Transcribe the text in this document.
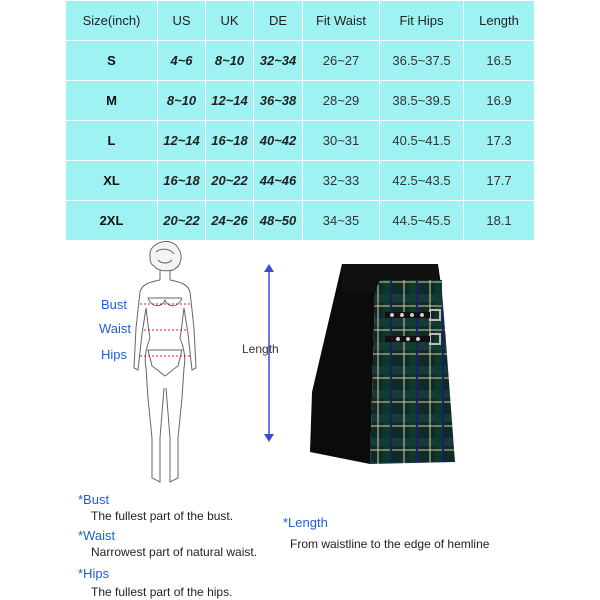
Size(inch)	US	UK	DE	Fit Waist	Fit Hips	Length
S	4~6	8~10	32~34	26~27	36.5~37.5	16.5
M	8~10	12~14	36~38	28~29	38.5~39.5	16.9
L	12~14	16~18	40~42	30~31	40.5~41.5	17.3
XL	16~18	20~22	44~46	32~33	42.5~43.5	17.7
2XL	20~22	24~26	48~50	34~35	44.5~45.5	18.1
Bust
Waist
Hips	Length
*Bust
The fullest part of the bust.
*Waist
Narrowest part of natural waist.
*Hips
The fullest part of the hips.
*Length
From waistline to the edge of hemline
